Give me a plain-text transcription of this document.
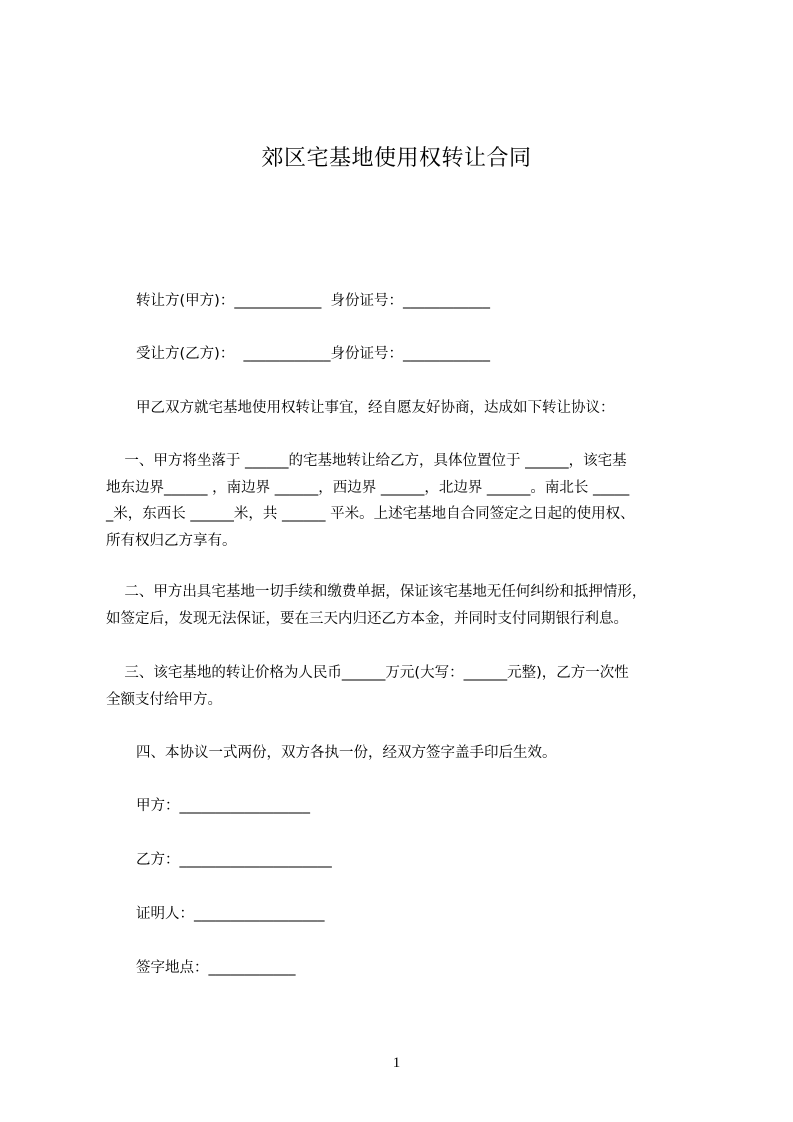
郊区宅基地使用权转让合同
转让方(甲方)：____________  身份证号：____________
受让方(乙方)：  ____________身份证号：____________
甲乙双方就宅基地使用权转让事宜，经自愿友好协商，达成如下转让协议：
一、甲方将坐落于 ______的宅基地转让给乙方，具体位置位于 ______，该宅基
地东边界______ ，南边界 ______，西边界 ______，北边界 ______。南北长 _____
_米，东西长 ______米，共 ______ 平米。上述宅基地自合同签定之日起的使用权、
所有权归乙方享有。
二、甲方出具宅基地一切手续和缴费单据，保证该宅基地无任何纠纷和抵押情形，
如签定后，发现无法保证，要在三天内归还乙方本金，并同时支付同期银行利息。
三、该宅基地的转让价格为人民币______万元(大写：______元整)，乙方一次性
全额支付给甲方。
四、本协议一式两份，双方各执一份，经双方签字盖手印后生效。
甲方：__________________
乙方：_____________________
证明人：__________________
签字地点：____________
1
